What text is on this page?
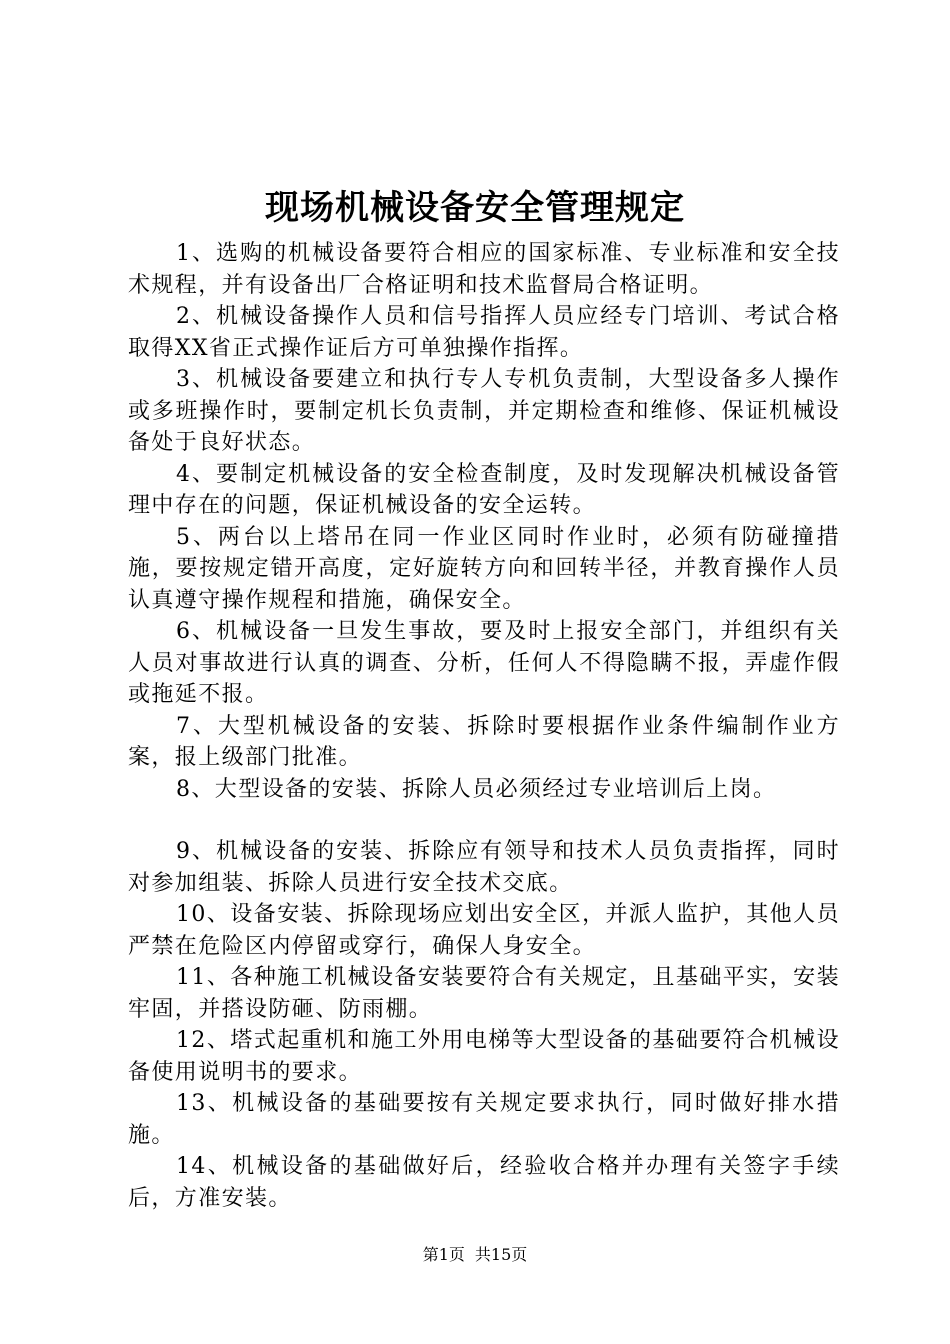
现场机械设备安全管理规定

1、选购的机械设备要符合相应的国家标准、专业标准和安全技术规程，并有设备出厂合格证明和技术监督局合格证明。

2、机械设备操作人员和信号指挥人员应经专门培训、考试合格取得XX省正式操作证后方可单独操作指挥。

3、机械设备要建立和执行专人专机负责制，大型设备多人操作或多班操作时，要制定机长负责制，并定期检查和维修、保证机械设备处于良好状态。

4、要制定机械设备的安全检查制度，及时发现解决机械设备管理中存在的问题，保证机械设备的安全运转。

5、两台以上塔吊在同一作业区同时作业时，必须有防碰撞措施，要按规定错开高度，定好旋转方向和回转半径，并教育操作人员认真遵守操作规程和措施，确保安全。

6、机械设备一旦发生事故，要及时上报安全部门，并组织有关人员对事故进行认真的调查、分析，任何人不得隐瞒不报，弄虚作假或拖延不报。

7、大型机械设备的安装、拆除时要根据作业条件编制作业方案，报上级部门批准。

8、大型设备的安装、拆除人员必须经过专业培训后上岗。

9、机械设备的安装、拆除应有领导和技术人员负责指挥，同时对参加组装、拆除人员进行安全技术交底。

10、设备安装、拆除现场应划出安全区，并派人监护，其他人员严禁在危险区内停留或穿行，确保人身安全。

11、各种施工机械设备安装要符合有关规定，且基础平实，安装牢固，并搭设防砸、防雨棚。

12、塔式起重机和施工外用电梯等大型设备的基础要符合机械设备使用说明书的要求。

13、机械设备的基础要按有关规定要求执行，同时做好排水措施。

14、机械设备的基础做好后，经验收合格并办理有关签字手续后，方准安装。

第1页 共15页
